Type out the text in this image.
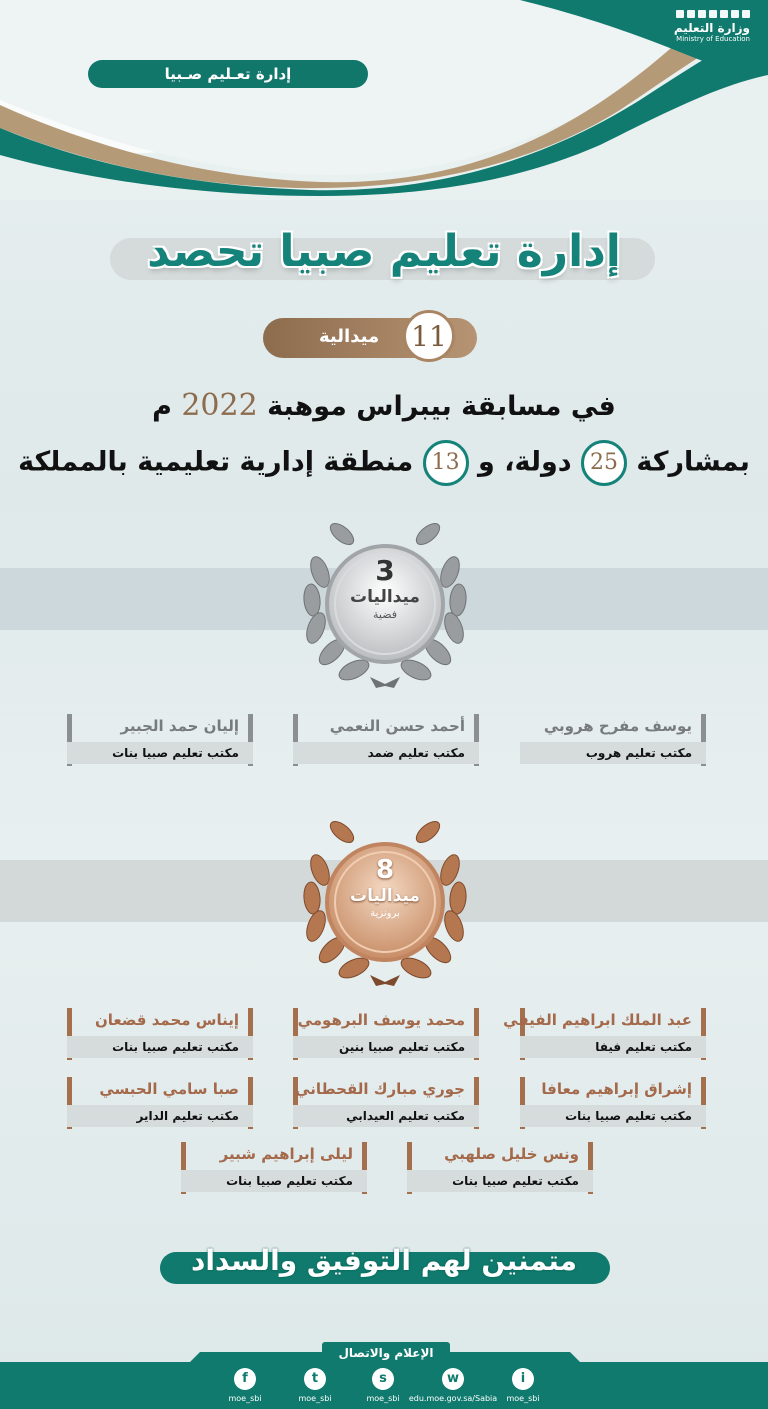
وزارة التعليم
Ministry of Education
إدارة تعـليم صـبيا
إدارة تعليم صبيا تحصد
ميدالية 11
في مسابقة بيبراس موهبة 2022 م
بمشاركة 25 دولة، و 13 منطقة إدارية تعليمية بالمملكة
3
ميداليات
فضية
يوسف مفرح هروبي
مكتب تعليم هروب
أحمد حسن النعمي
مكتب تعليم ضمد
إليان حمد الجبير
مكتب تعليم صبيا بنات
8
ميداليات
برونزية
عبد الملك ابراهيم الفيفي
مكتب تعليم فيفا
محمد يوسف البرهومي
مكتب تعليم صبيا بنين
إيناس محمد قضعان
مكتب تعليم صبيا بنات
إشراق إبراهيم معافا
مكتب تعليم صبيا بنات
جوري مبارك القحطاني
مكتب تعليم العيدابي
صبا سامي الحبسي
مكتب تعليم الداير
ونس خليل صلهبي
مكتب تعليم صبيا بنات
ليلى إبراهيم شبير
مكتب تعليم صبيا بنات
متمنين لهم التوفيق والسداد
الإعلام والاتصال
f
moe_sbi
t
moe_sbi
s
moe_sbi
w
edu.moe.gov.sa/Sabia
i
moe_sbi
